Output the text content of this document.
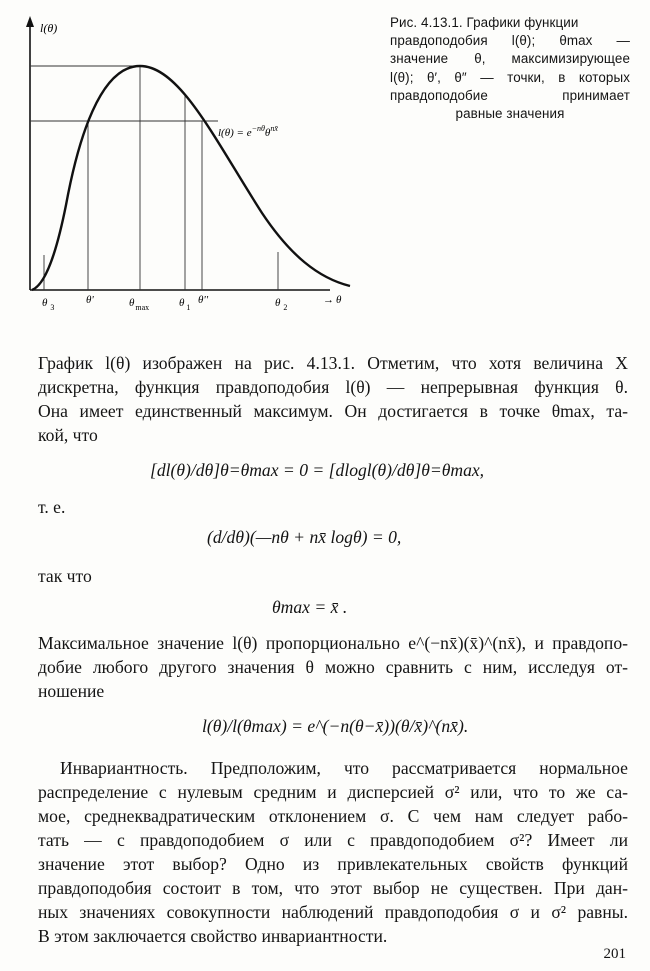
l(θ)
$l(\theta) = e^{-n\theta}\theta^{nx̄}$
θ $_3$
θ'	$\theta_{max}$	θ $_1$
θ''	θ $_2$
→ θ
Рис. 4.13.1. Графики функции
правдоподобия l(θ); θmax —
значение θ, максимизирующее
l(θ); θ′, θ″ — точки, в которых
правдоподобие принимает
равные значения
График l(θ) изображен на рис. 4.13.1. Отметим, что хотя величина X
дискретна, функция правдоподобия l(θ) — непрерывная функция θ.
Она имеет единственный максимум. Он достигается в точке θmax, та-
кой, что
[dl(θ)/dθ]θ=θmax = 0 = [dlogl(θ)/dθ]θ=θmax,
т. е.
(d/dθ)(—nθ + nx̄ logθ) = 0,
так что
θmax = x̄ .
Максимальное значение l(θ) пропорционально e^(−nx̄)(x̄)^(nx̄), и правдопо-
добие любого другого значения θ можно сравнить с ним, исследуя от-
ношение
l(θ)/l(θmax) = e^(−n(θ−x̄))(θ/x̄)^(nx̄).
Инвариантность. Предположим, что рассматривается нормальное
распределение с нулевым средним и дисперсией σ² или, что то же са-
мое, среднеквадратическим отклонением σ. С чем нам следует рабо-
тать — с правдоподобием σ или с правдоподобием σ²? Имеет ли
значение этот выбор? Одно из привлекательных свойств функций
правдоподобия состоит в том, что этот выбор не существен. При дан-
ных значениях совокупности наблюдений правдоподобия σ и σ² равны.
В этом заключается свойство инвариантности.
201
